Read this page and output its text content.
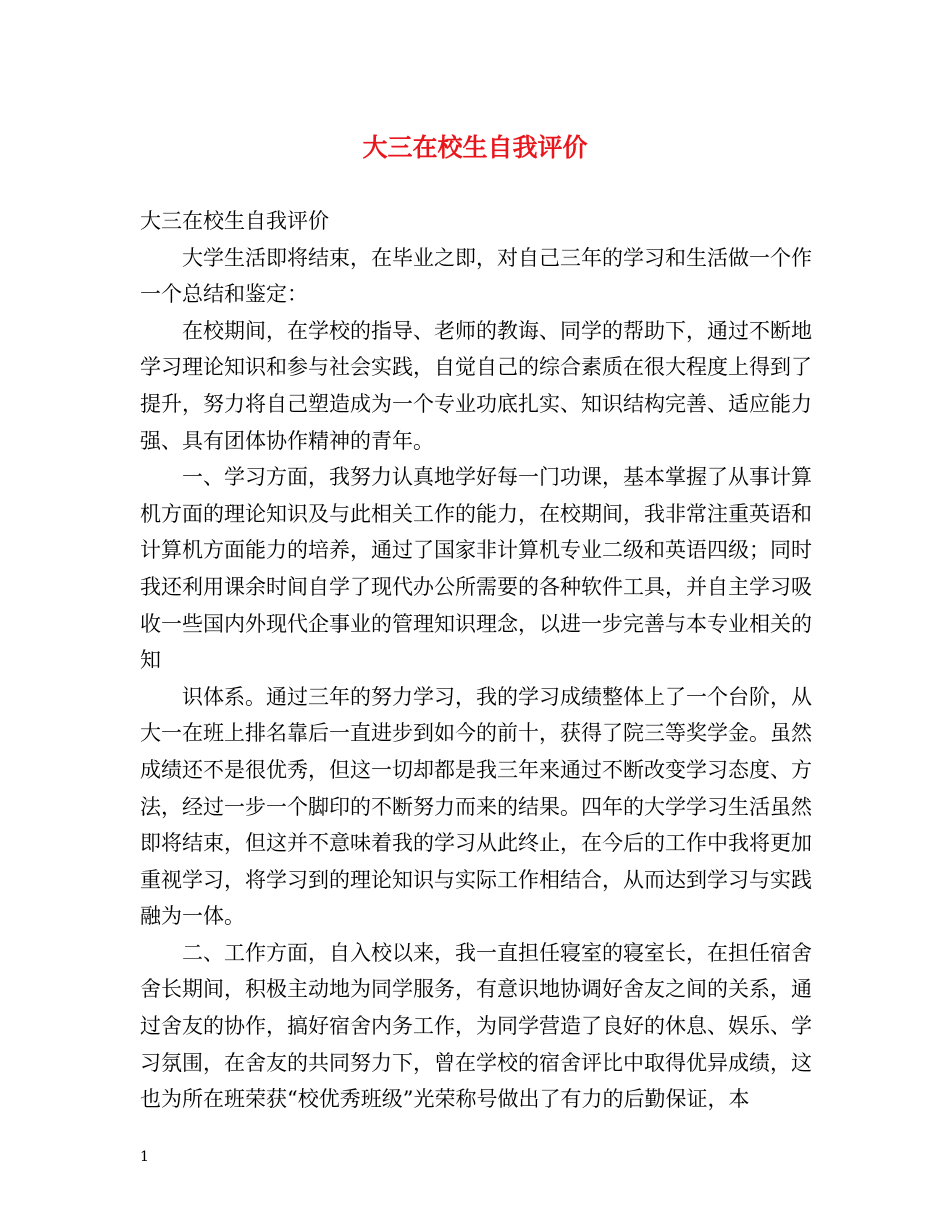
大三在校生自我评价

大三在校生自我评价

大学生活即将结束，在毕业之即，对自己三年的学习和生活做一个作一个总结和鉴定：

在校期间，在学校的指导、老师的教诲、同学的帮助下，通过不断地学习理论知识和参与社会实践，自觉自己的综合素质在很大程度上得到了提升，努力将自己塑造成为一个专业功底扎实、知识结构完善、适应能力强、具有团体协作精神的青年。

一、学习方面，我努力认真地学好每一门功课，基本掌握了从事计算机方面的理论知识及与此相关工作的能力，在校期间，我非常注重英语和计算机方面能力的培养，通过了国家非计算机专业二级和英语四级；同时我还利用课余时间自学了现代办公所需要的各种软件工具，并自主学习吸收一些国内外现代企事业的管理知识理念，以进一步完善与本专业相关的知

识体系。通过三年的努力学习，我的学习成绩整体上了一个台阶，从大一在班上排名靠后一直进步到如今的前十，获得了院三等奖学金。虽然成绩还不是很优秀，但这一切却都是我三年来通过不断改变学习态度、方法，经过一步一个脚印的不断努力而来的结果。四年的大学学习生活虽然即将结束，但这并不意味着我的学习从此终止，在今后的工作中我将更加重视学习，将学习到的理论知识与实际工作相结合，从而达到学习与实践融为一体。

二、工作方面，自入校以来，我一直担任寝室的寝室长，在担任宿舍舍长期间，积极主动地为同学服务，有意识地协调好舍友之间的关系，通过舍友的协作，搞好宿舍内务工作，为同学营造了良好的休息、娱乐、学习氛围，在舍友的共同努力下，曾在学校的宿舍评比中取得优异成绩，这也为所在班荣获“校优秀班级”光荣称号做出了有力的后勤保证，本

1
